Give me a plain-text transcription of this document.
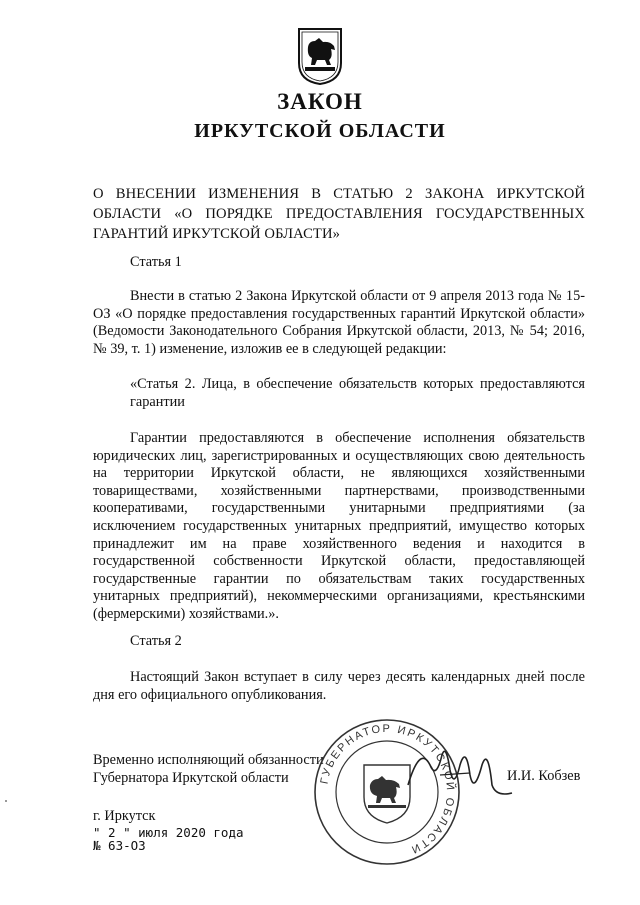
ЗАКОН
ИРКУТСКОЙ ОБЛАСТИ
О ВНЕСЕНИИ ИЗМЕНЕНИЯ В СТАТЬЮ 2 ЗАКОНА ИРКУТСКОЙ ОБЛАСТИ «О ПОРЯДКЕ ПРЕДОСТАВЛЕНИЯ ГОСУДАРСТВЕННЫХ ГАРАНТИЙ ИРКУТСКОЙ ОБЛАСТИ»
Статья 1

Внести в статью 2 Закона Иркутской области от 9 апреля 2013 года № 15-ОЗ «О порядке предоставления государственных гарантий Иркутской области» (Ведомости Законодательного Собрания Иркутской области, 2013, № 54; 2016, № 39, т. 1) изменение, изложив ее в следующей редакции:

«Статья 2. Лица, в обеспечение обязательств которых предоставляются гарантии

Гарантии предоставляются в обеспечение исполнения обязательств юридических лиц, зарегистрированных и осуществляющих свою деятельность на территории Иркутской области, не являющихся хозяйственными товариществами, хозяйственными партнерствами, производственными кооперативами, государственными унитарными предприятиями (за исключением государственных унитарных предприятий, имущество которых принадлежит им на праве хозяйственного ведения и находится в государственной собственности Иркутской области, предоставляющей государственные гарантии по обязательствам таких государственных унитарных предприятий), некоммерческими организациями, крестьянскими (фермерскими) хозяйствами.».

Статья 2

Настоящий Закон вступает в силу через десять календарных дней после дня его официального опубликования.

Временно исполняющий обязанности
Губернатора Иркутской области	ГУБЕРНАТОР ИРКУТСКОЙ ОБЛАСТИ
И.И. Кобзев
г. Иркутск
" 2 " июля 2020 года
№ 63-ОЗ
